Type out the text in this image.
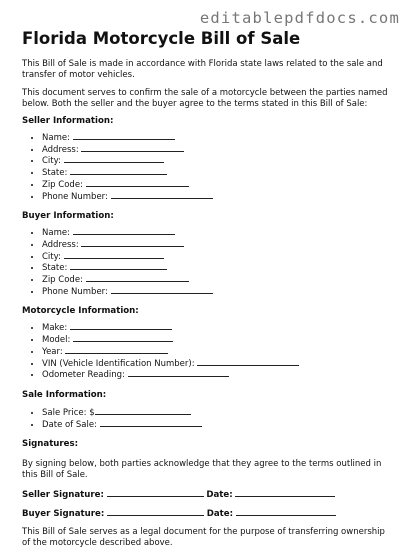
editablepdfdocs.com
Florida Motorcycle Bill of Sale

This Bill of Sale is made in accordance with Florida state laws related to the sale and transfer of motor vehicles.

This document serves to confirm the sale of a motorcycle between the parties named below. Both the seller and the buyer agree to the terms stated in this Bill of Sale:

Seller Information:
• Name:
• Address:
• City:
• State:
• Zip Code:
• Phone Number:
Buyer Information:
• Name:
• Address:
• City:
• State:
• Zip Code:
• Phone Number:
Motorcycle Information:
• Make:
• Model:
• Year:
• VIN (Vehicle Identification Number):
• Odometer Reading:
Sale Information:
• Sale Price: $
• Date of Sale:
Signatures:

By signing below, both parties acknowledge that they agree to the terms outlined in this Bill of Sale.

Seller Signature:	Date:
Buyer Signature:	Date:

This Bill of Sale serves as a legal document for the purpose of transferring ownership of the motorcycle described above.
